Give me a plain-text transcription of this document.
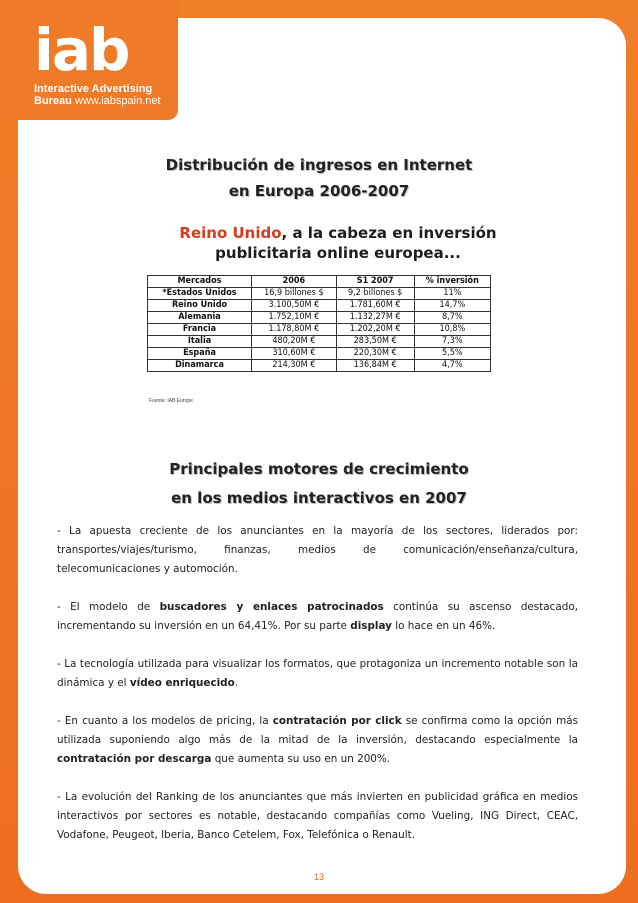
iab
Interactive Advertising
Bureau www.iabspain.net
Distribución de ingresos en Internet
en Europa 2006-2007
Reino Unido, a la cabeza en inversión
publicitaria online europea...
Mercados	2006	S1 2007	% inversión
*Estados Unidos	16,9 billones $	9,2 billones $	11%
Reino Unido	3.100,50M €	1.781,60M €	14,7%
Alemania	1.752,10M €	1.132,27M €	8,7%
Francia	1.178,80M €	1.202,20M €	10,8%
Italia	480,20M €	283,50M €	7,3%
España	310,60M €	220,30M €	5,5%
Dinamarca	214,30M €	136,84M €	4,7%
Fuente: IAB Europe
Principales motores de crecimiento
en los medios interactivos en 2007

- La apuesta creciente de los anunciantes en la mayoría de los sectores, liderados por: transportes/viajes/turismo, finanzas, medios de comunicación/enseñanza/cultura, telecomunicaciones y automoción.

- El modelo de buscadores y enlaces patrocinados continúa su ascenso destacado, incrementando su inversión en un 64,41%. Por su parte display lo hace en un 46%.

- La tecnología utilizada para visualizar los formatos, que protagoniza un incremento notable son la dinámica y el vídeo enriquecido.

- En cuanto a los modelos de pricing, la contratación por click se confirma como la opción más utilizada suponiendo algo más de la mitad de la inversión, destacando especialmente la contratación por descarga que aumenta su uso en un 200%.

- La evolución del Ranking de los anunciantes que más invierten en publicidad gráfica en medios interactivos por sectores es notable, destacando compañías como Vueling, ING Direct, CEAC, Vodafone, Peugeot, Iberia, Banco Cetelem, Fox, Telefónica o Renault.

13
